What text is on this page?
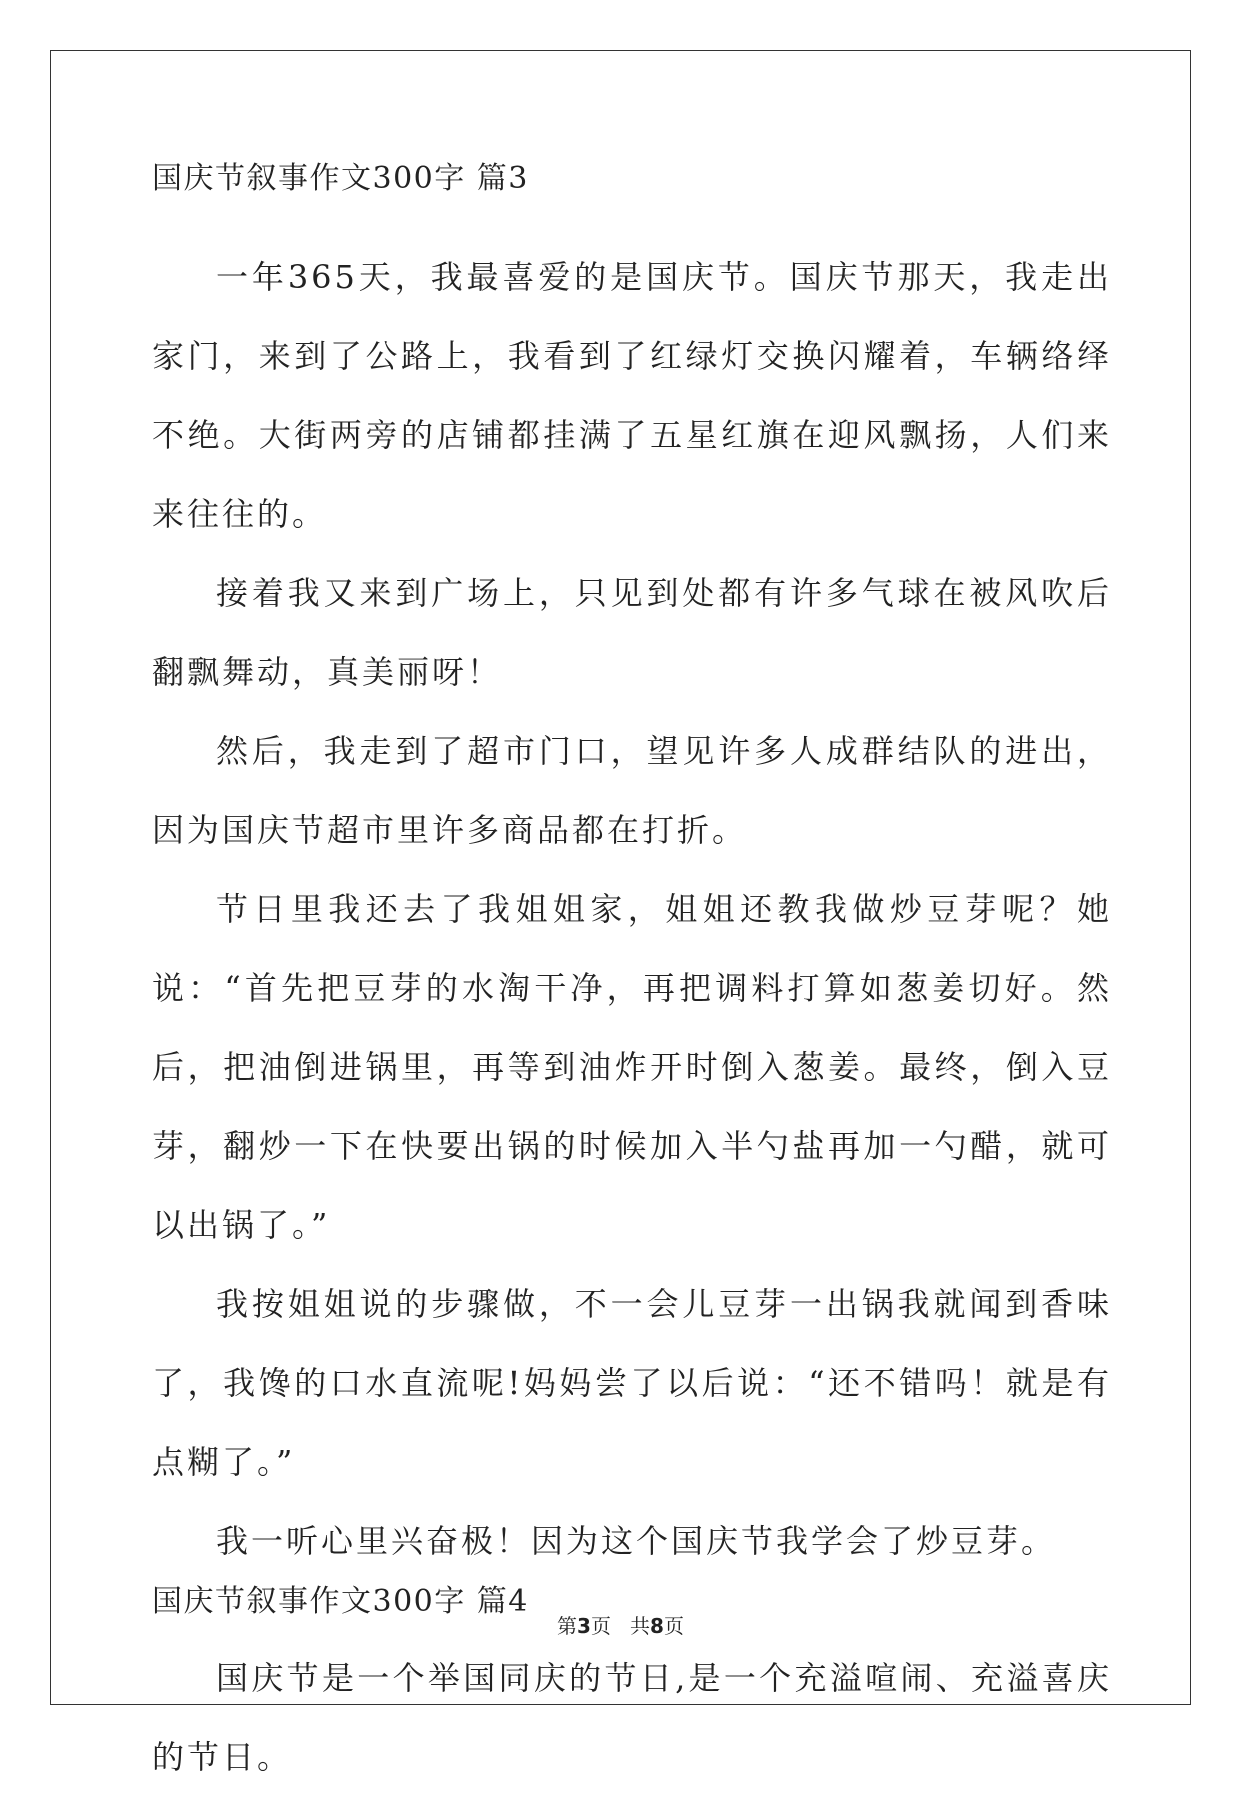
国庆节叙事作文300字 篇3

一年365天，我最喜爱的是国庆节。国庆节那天，我走出家门，来到了公路上，我看到了红绿灯交换闪耀着，车辆络绎不绝。大街两旁的店铺都挂满了五星红旗在迎风飘扬，人们来来往往的。

接着我又来到广场上，只见到处都有许多气球在被风吹后翻飘舞动，真美丽呀！

然后，我走到了超市门口，望见许多人成群结队的进出，因为国庆节超市里许多商品都在打折。

节日里我还去了我姐姐家，姐姐还教我做炒豆芽呢？她说：“首先把豆芽的水淘干净，再把调料打算如葱姜切好。然后，把油倒进锅里，再等到油炸开时倒入葱姜。最终，倒入豆芽，翻炒一下在快要出锅的时候加入半勺盐再加一勺醋，就可以出锅了。”

我按姐姐说的步骤做，不一会儿豆芽一出锅我就闻到香味了，我馋的口水直流呢!妈妈尝了以后说：“还不错吗！就是有点糊了。”

我一听心里兴奋极！因为这个国庆节我学会了炒豆芽。

国庆节叙事作文300字 篇4

国庆节是一个举国同庆的节日,是一个充溢喧闹、充溢喜庆的节日。

第3页 共8页
